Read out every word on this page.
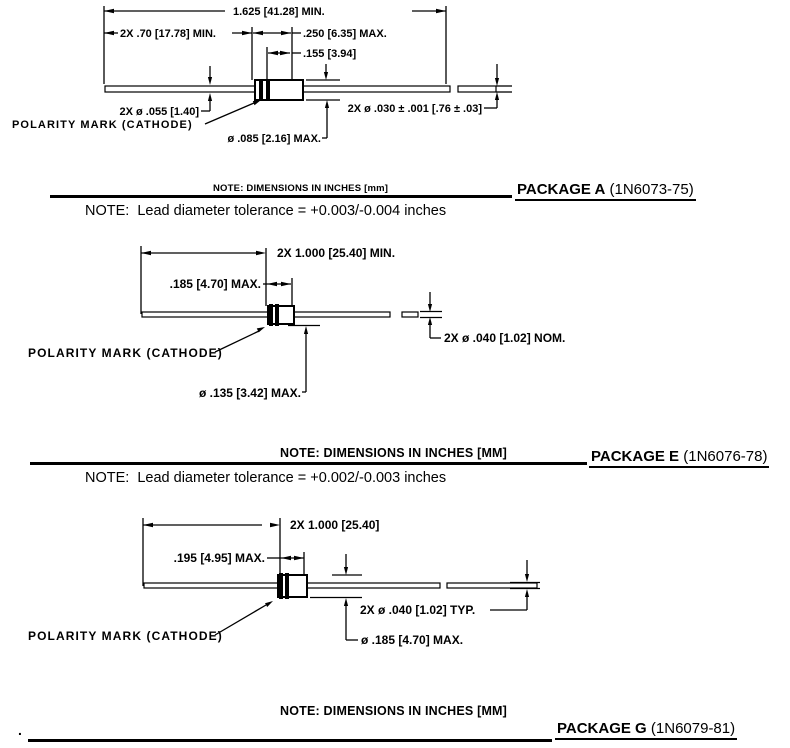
1.625 [41.28] MIN.
2X .70 [17.78] MIN.	.250 [6.35] MAX.
.155 [3.94]
2X ø .055 [1.40]
POLARITY MARK (CATHODE)
ø .085 [2.16] MAX.
2X ø .030 ± .001 [.76 ± .03]
NOTE: DIMENSIONS IN INCHES [mm]	PACKAGE A (1N6073-75)
NOTE:  Lead diameter tolerance = +0.003/-0.004 inches
2X 1.000 [25.40] MIN.
.185 [4.70] MAX.
2X ø .040 [1.02] NOM.
POLARITY MARK (CATHODE)
ø .135 [3.42] MAX.
NOTE: DIMENSIONS IN INCHES [MM]	PACKAGE E (1N6076-78)
NOTE:  Lead diameter tolerance = +0.002/-0.003 inches
2X 1.000 [25.40]
.195 [4.95] MAX.
2X ø .040 [1.02] TYP.
ø .185 [4.70] MAX.
POLARITY MARK (CATHODE)
NOTE: DIMENSIONS IN INCHES [MM]
.	PACKAGE G (1N6079-81)
